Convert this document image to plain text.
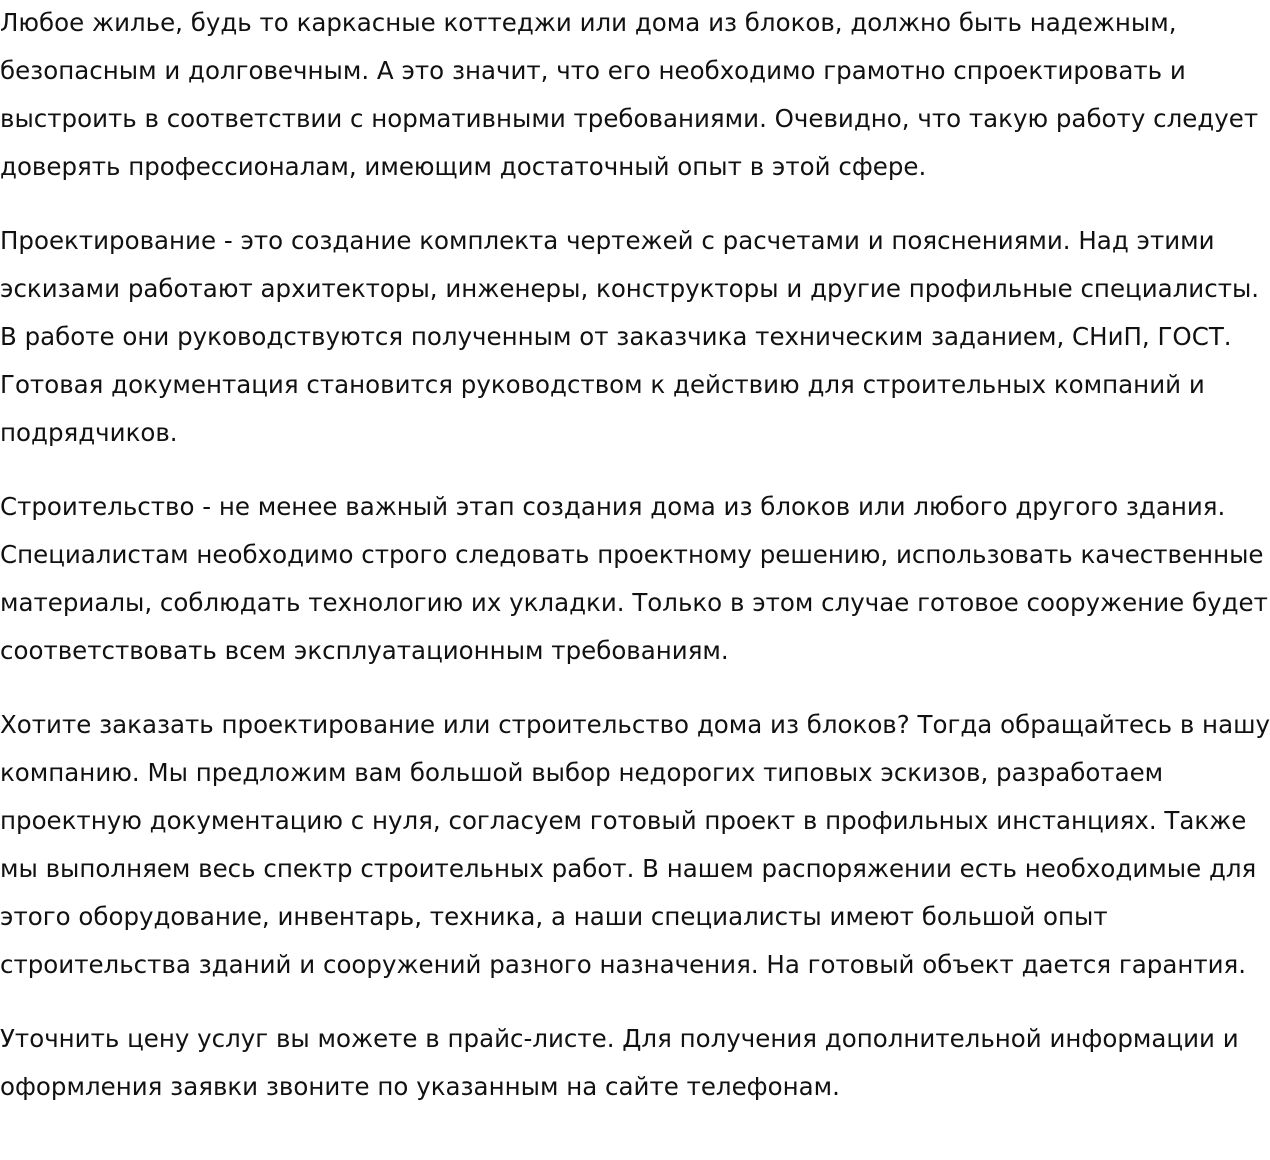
Любое жилье, будь то каркасные коттеджи или дома из блоков, должно быть надежным, безопасным и долговечным. А это значит, что его необходимо грамотно спроектировать и выстроить в соответствии с нормативными требованиями. Очевидно, что такую работу следует доверять профессионалам, имеющим достаточный опыт в этой сфере.

Проектирование - это создание комплекта чертежей с расчетами и пояснениями. Над этими эскизами работают архитекторы, инженеры, конструкторы и другие профильные специалисты. В работе они руководствуются полученным от заказчика техническим заданием, СНиП, ГОСТ. Готовая документация становится руководством к действию для строительных компаний и подрядчиков.

Строительство - не менее важный этап создания дома из блоков или любого другого здания. Специалистам необходимо строго следовать проектному решению, использовать качественные материалы, соблюдать технологию их укладки. Только в этом случае готовое сооружение будет соответствовать всем эксплуатационным требованиям.

Хотите заказать проектирование или строительство дома из блоков? Тогда обращайтесь в нашу компанию. Мы предложим вам большой выбор недорогих типовых эскизов, разработаем проектную документацию с нуля, согласуем готовый проект в профильных инстанциях. Также мы выполняем весь спектр строительных работ. В нашем распоряжении есть необходимые для этого оборудование, инвентарь, техника, а наши специалисты имеют большой опыт строительства зданий и сооружений разного назначения. На готовый объект дается гарантия.

Уточнить цену услуг вы можете в прайс-листе. Для получения дополнительной информации и оформления заявки звоните по указанным на сайте телефонам.
